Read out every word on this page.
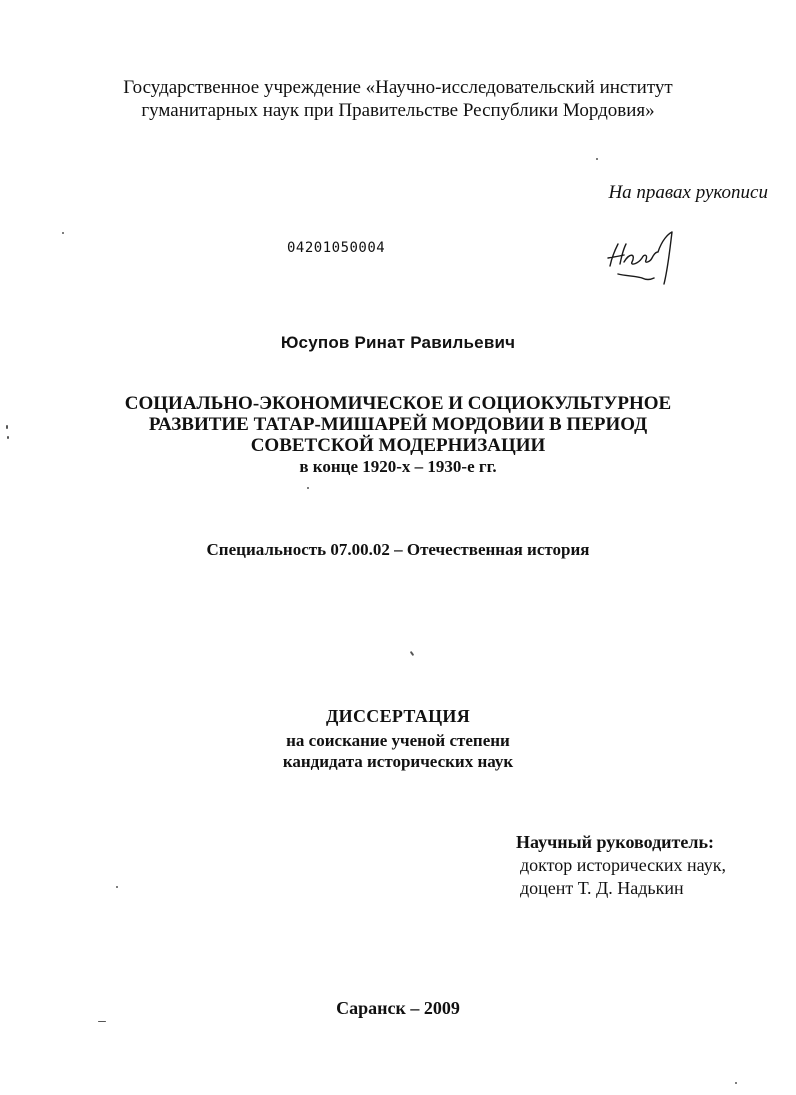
Государственное учреждение «Научно-исследовательский институт
гуманитарных наук при Правительстве Республики Мордовия»
На правах рукописи
04201050004
Юсупов Ринат Равильевич
СОЦИАЛЬНО-ЭКОНОМИЧЕСКОЕ И СОЦИОКУЛЬТУРНОЕ
РАЗВИТИЕ ТАТАР-МИШАРЕЙ МОРДОВИИ В ПЕРИОД
СОВЕТСКОЙ МОДЕРНИЗАЦИИ
в конце 1920-х – 1930-е гг.
Специальность 07.00.02 – Отечественная история
ДИССЕРТАЦИЯ
на соискание ученой степени
кандидата исторических наук
Научный руководитель:
доктор исторических наук,
доцент Т. Д. Надькин
Саранск – 2009
